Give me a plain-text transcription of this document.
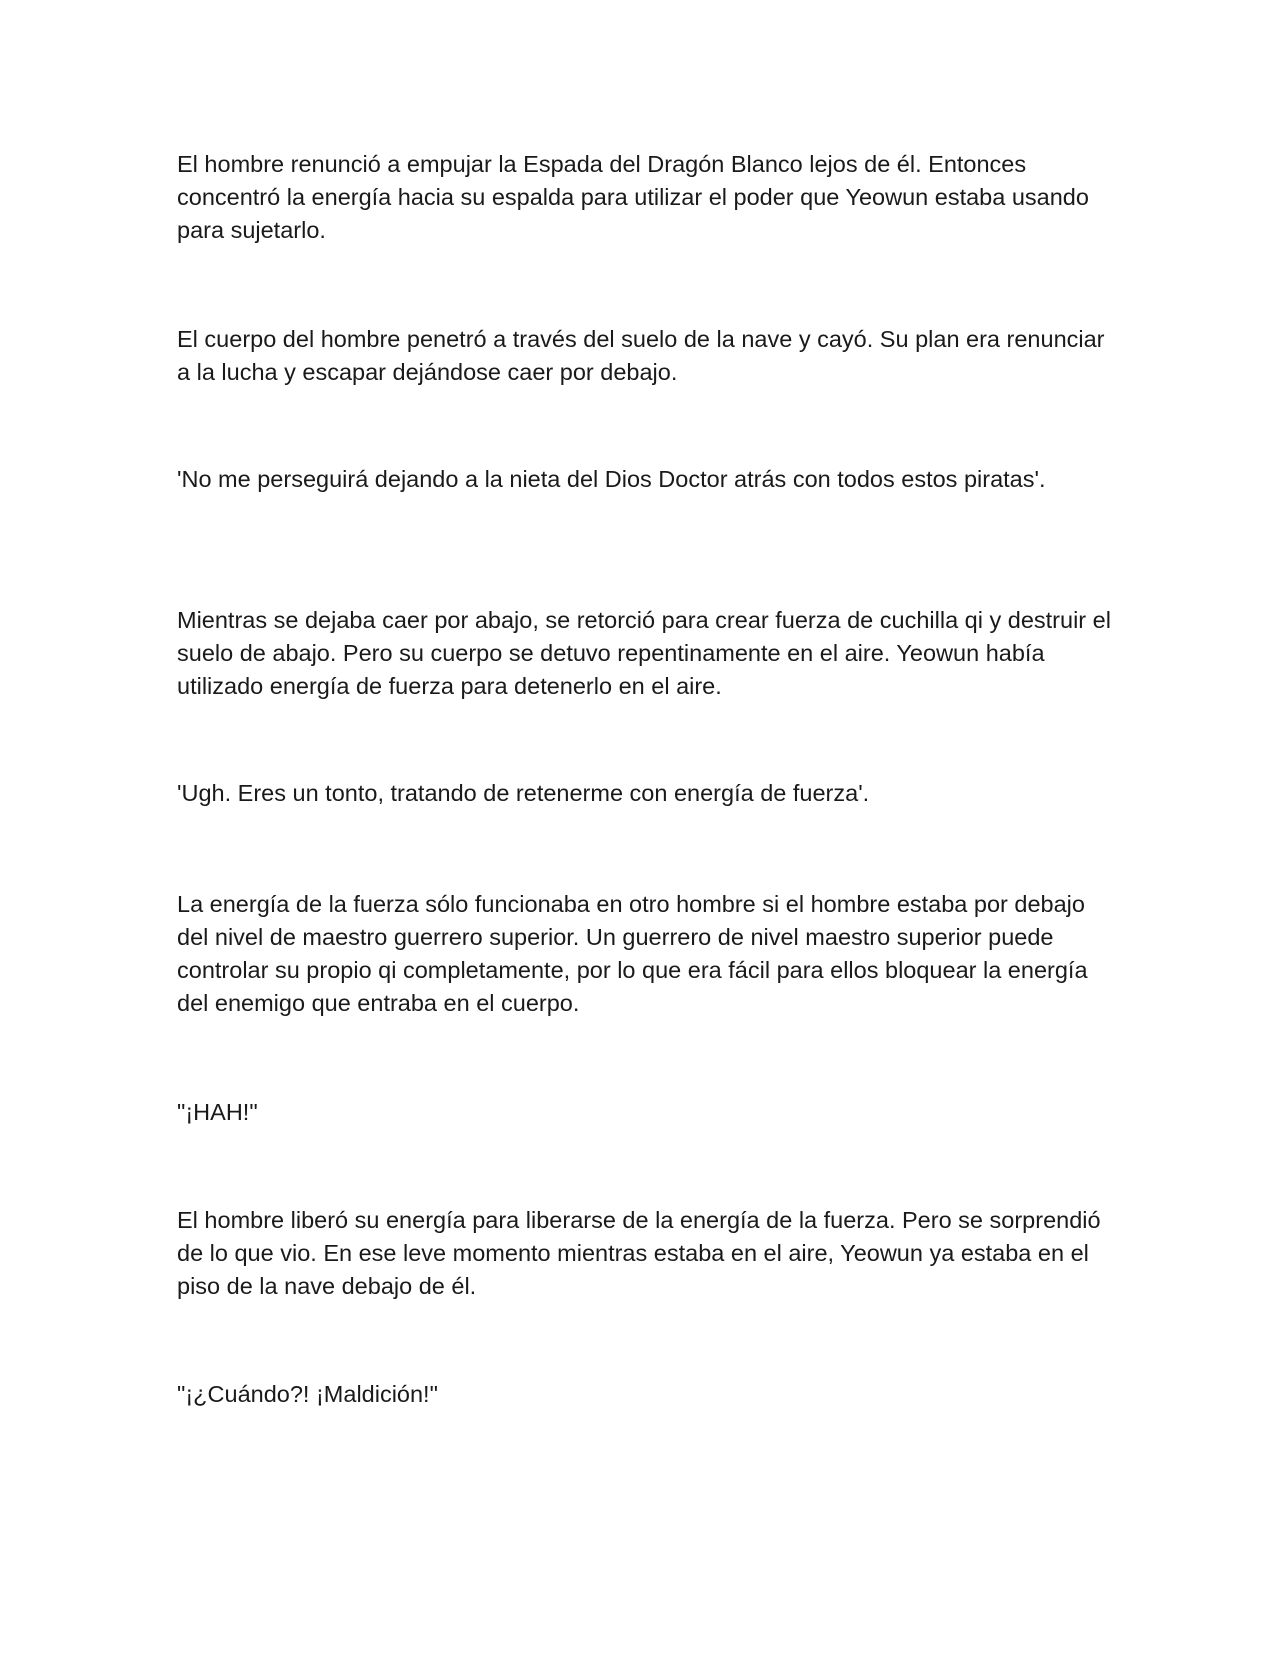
El hombre renunció a empujar la Espada del Dragón Blanco lejos de él. Entonces concentró la energía hacia su espalda para utilizar el poder que Yeowun estaba usando para sujetarlo.

El cuerpo del hombre penetró a través del suelo de la nave y cayó. Su plan era renunciar a la lucha y escapar dejándose caer por debajo.

'No me perseguirá dejando a la nieta del Dios Doctor atrás con todos estos piratas'.

Mientras se dejaba caer por abajo, se retorció para crear fuerza de cuchilla qi y destruir el suelo de abajo. Pero su cuerpo se detuvo repentinamente en el aire. Yeowun había utilizado energía de fuerza para detenerlo en el aire.

'Ugh. Eres un tonto, tratando de retenerme con energía de fuerza'.

La energía de la fuerza sólo funcionaba en otro hombre si el hombre estaba por debajo del nivel de maestro guerrero superior. Un guerrero de nivel maestro superior puede controlar su propio qi completamente, por lo que era fácil para ellos bloquear la energía del enemigo que entraba en el cuerpo.

"¡HAH!"

El hombre liberó su energía para liberarse de la energía de la fuerza. Pero se sorprendió de lo que vio. En ese leve momento mientras estaba en el aire, Yeowun ya estaba en el piso de la nave debajo de él.

"¡¿Cuándo?! ¡Maldición!"
